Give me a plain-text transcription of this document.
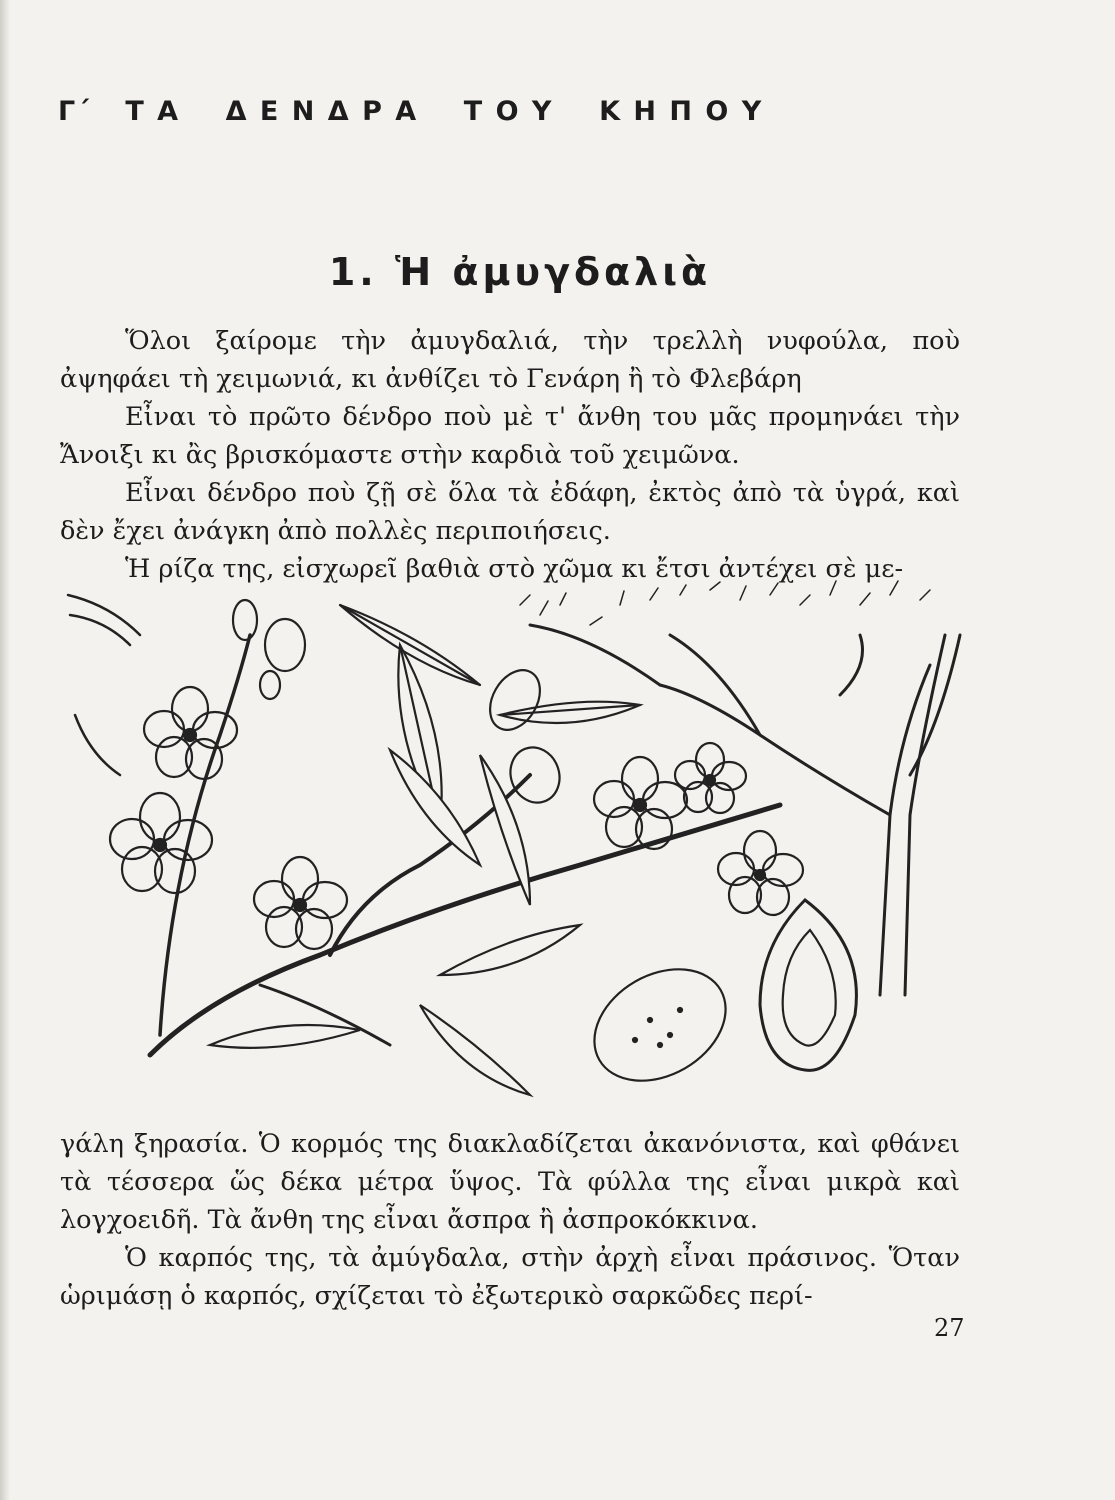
Γ΄   Τ Α    Δ Ε Ν Δ Ρ Α    Τ Ο Υ    Κ Η Π Ο Υ
1. Ἡ ἀμυγδαλιὰ

Ὅλοι ξαίρομε τὴν ἀμυγδαλιά, τὴν τρελλὴ νυφούλα, ποὺ ἀψηφάει τὴ χειμωνιά, κι ἀνθίζει τὸ Γενάρη ἢ τὸ Φλεβάρη

Εἶναι τὸ πρῶτο δένδρο ποὺ μὲ τ' ἄνθη του μᾶς προμηνάει τὴν Ἄνοιξι κι ἂς βρισκόμαστε στὴν καρδιὰ τοῦ χειμῶνα.

Εἶναι δένδρο ποὺ ζῇ σὲ ὅλα τὰ ἐδάφη, ἐκτὸς ἀπὸ τὰ ὑγρά, καὶ δὲν ἔχει ἀνάγκη ἀπὸ πολλὲς περιποιήσεις.

Ἡ ρίζα της, εἰσχωρεῖ βαθιὰ στὸ χῶμα κι ἔτσι ἀντέχει σὲ με-

γάλη ξηρασία. Ὁ κορμός της διακλαδίζεται ἀκανόνιστα, καὶ φθάνει τὰ τέσσερα ὥς δέκα μέτρα ὕψος. Τὰ φύλλα της εἶναι μικρὰ καὶ λογχοειδῆ. Τὰ ἄνθη της εἶναι ἄσπρα ἢ ἀσπροκόκκινα.

Ὁ καρπός της, τὰ ἀμύγδαλα, στὴν ἀρχὴ εἶναι πράσινος. Ὅταν ὡριμάσῃ ὁ καρπός, σχίζεται τὸ ἐξωτερικὸ σαρκῶδες περί-

27
